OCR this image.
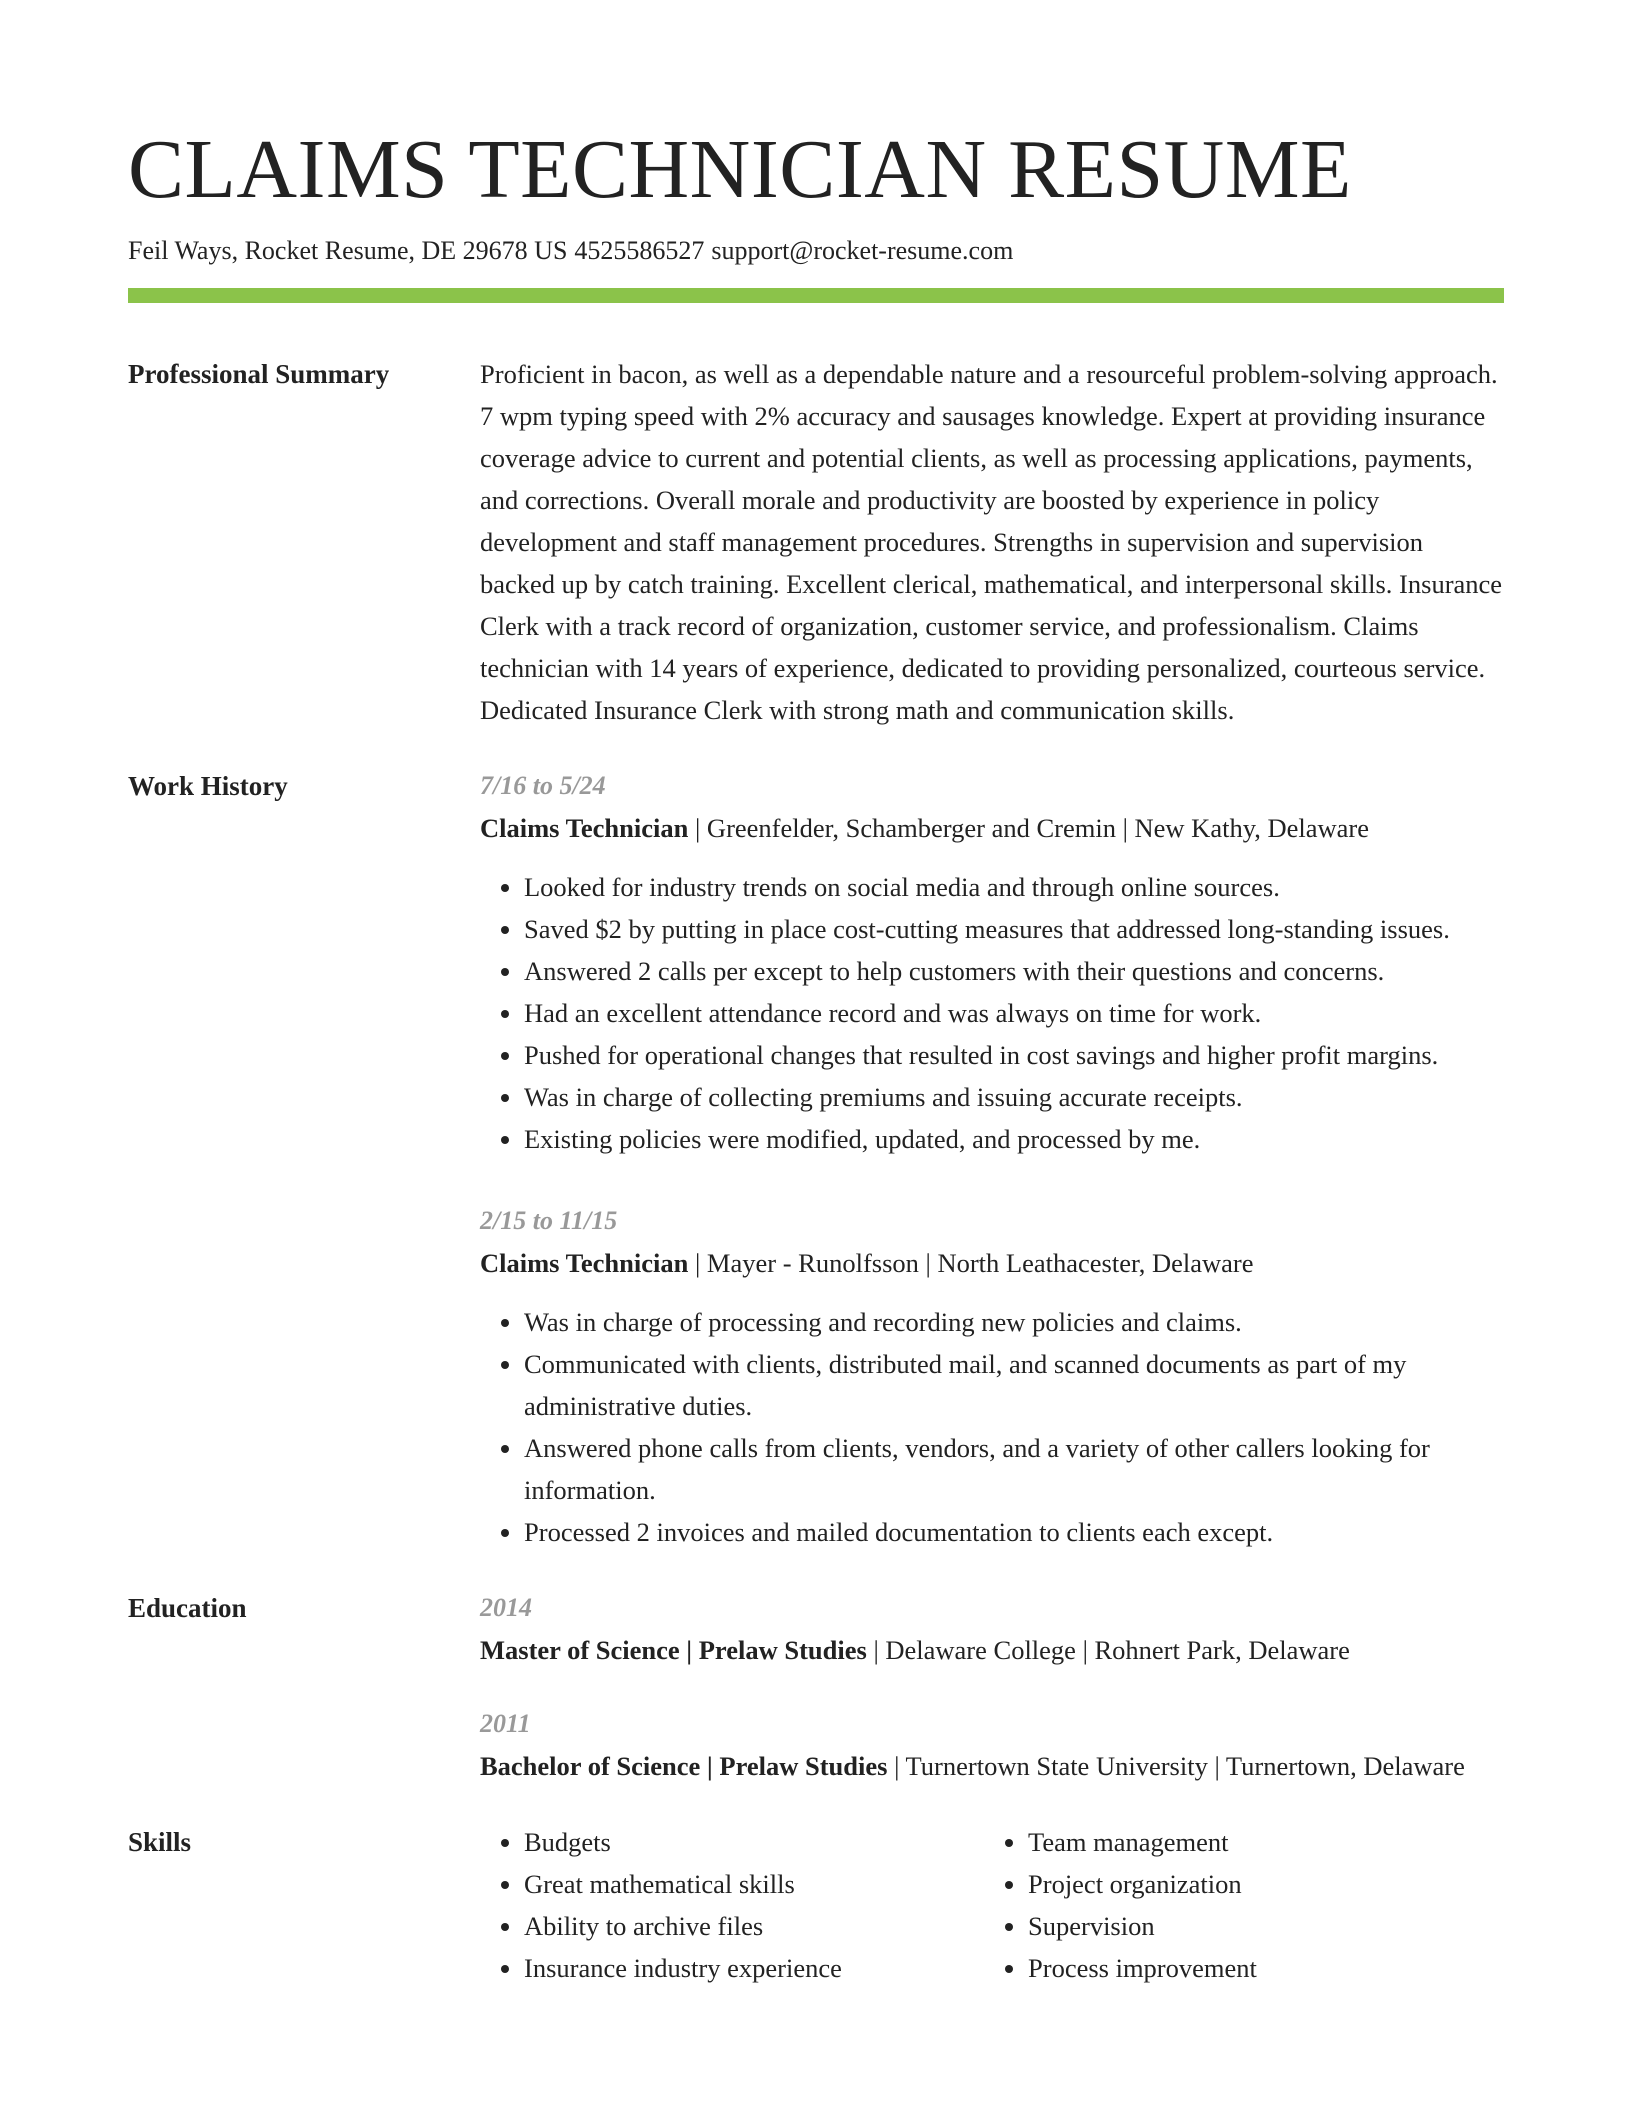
CLAIMS TECHNICIAN RESUME
Feil Ways, Rocket Resume, DE 29678 US 4525586527 support@rocket-resume.com
Professional Summary	Proficient in bacon, as well as a dependable nature and a resourceful problem-solving approach. 7 wpm typing speed with 2% accuracy and sausages knowledge. Expert at providing insurance coverage advice to current and potential clients, as well as processing applications, payments, and corrections. Overall morale and productivity are boosted by experience in policy development and staff management procedures. Strengths in supervision and supervision backed up by catch training. Excellent clerical, mathematical, and interpersonal skills. Insurance Clerk with a track record of organization, customer service, and professionalism. Claims technician with 14 years of experience, dedicated to providing personalized, courteous service. Dedicated Insurance Clerk with strong math and communication skills.
Work History	7/16 to 5/24
Claims Technician | Greenfelder, Schamberger and Cremin | New Kathy, Delaware
• Looked for industry trends on social media and through online sources.
• Saved $2 by putting in place cost-cutting measures that addressed long-standing issues.
• Answered 2 calls per except to help customers with their questions and concerns.
• Had an excellent attendance record and was always on time for work.
• Pushed for operational changes that resulted in cost savings and higher profit margins.
• Was in charge of collecting premiums and issuing accurate receipts.
• Existing policies were modified, updated, and processed by me.
2/15 to 11/15
Claims Technician | Mayer - Runolfsson | North Leathacester, Delaware
• Was in charge of processing and recording new policies and claims.
• Communicated with clients, distributed mail, and scanned documents as part of my administrative duties.
• Answered phone calls from clients, vendors, and a variety of other callers looking for information.
• Processed 2 invoices and mailed documentation to clients each except.
Education	2014
Master of Science | Prelaw Studies | Delaware College | Rohnert Park, Delaware
2011
Bachelor of Science | Prelaw Studies | Turnertown State University | Turnertown, Delaware
Skills
•	Budgets
• Great mathematical skills
• Ability to archive files
• Insurance industry experience
• Team management
• Project organization
• Supervision
• Process improvement
